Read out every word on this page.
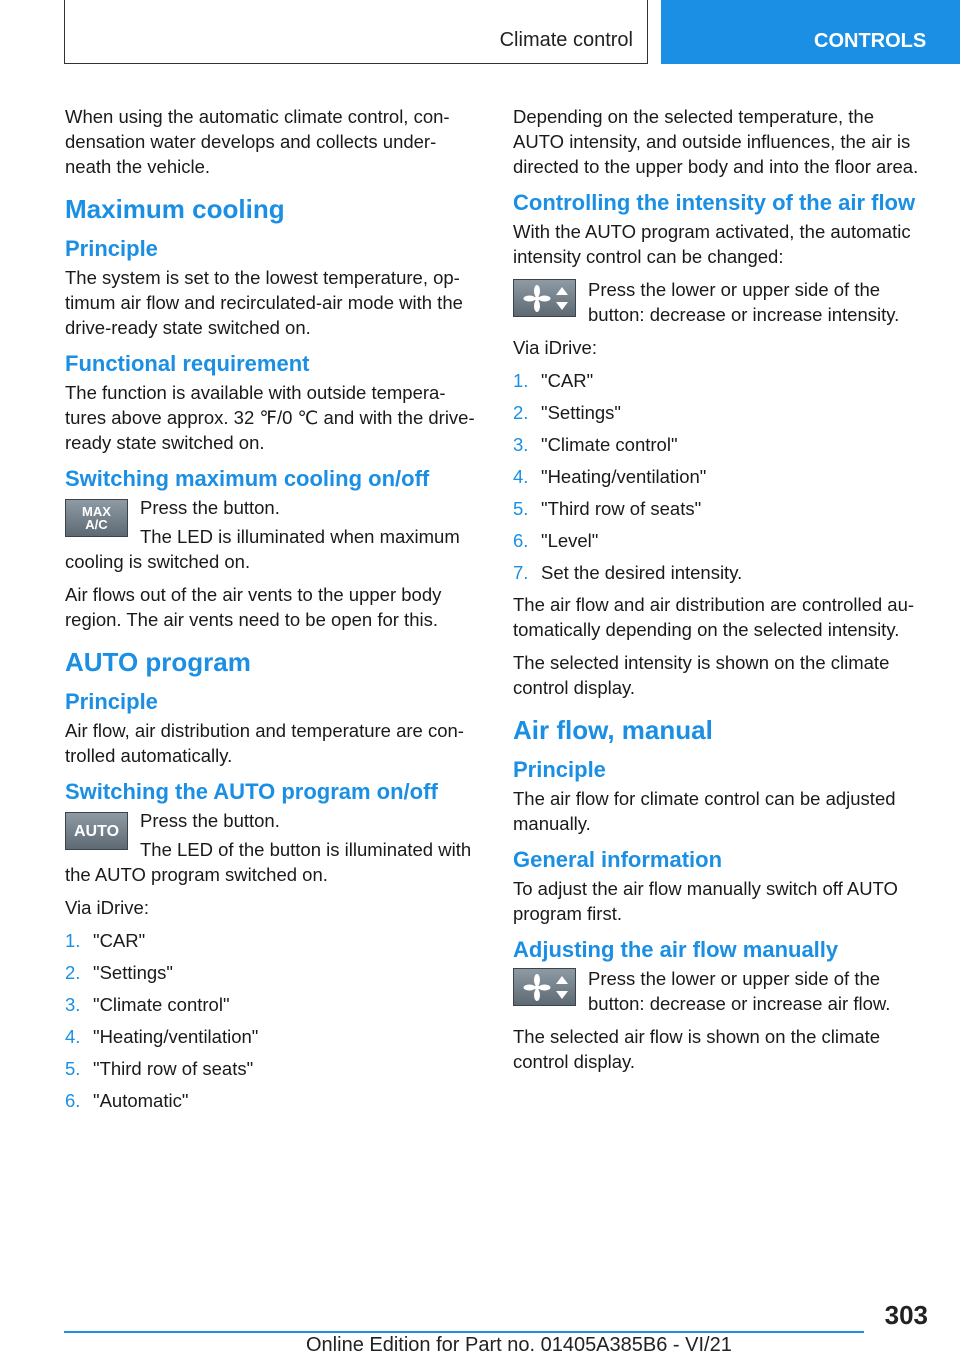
Climate control	CONTROLS

When using the automatic climate control, con-densation water develops and collects under-neath the vehicle.

Maximum cooling
Principle

The system is set to the lowest temperature, op-timum air flow and recirculated-air mode with the drive-ready state switched on.

Functional requirement

The function is available with outside tempera-tures above approx. 32 ℉/0 ℃ and with the drive-ready state switched on.

Switching maximum cooling on/off
MAX A/C

Press the button.

The LED is illuminated when maximum cooling is switched on.

Air flows out of the air vents to the upper body region. The air vents need to be open for this.

AUTO program
Principle

Air flow, air distribution and temperature are con-trolled automatically.

Switching the AUTO program on/off
AUTO	Press the button.

The LED of the button is illuminated with the AUTO program switched on.

Via iDrive:

1. "CAR"
2. "Settings"
3. "Climate control"
4. "Heating/ventilation"
5. "Third row of seats"
6. "Automatic"

Depending on the selected temperature, the AUTO intensity, and outside influences, the air is directed to the upper body and into the floor area.

Controlling the intensity of the air flow

With the AUTO program activated, the automatic intensity control can be changed:

Press the lower or upper side of the button: decrease or increase intensity.

Via iDrive:

1. "CAR"
2. "Settings"
3. "Climate control"
4. "Heating/ventilation"
5. "Third row of seats"
6. "Level"
7. Set the desired intensity.

The air flow and air distribution are controlled au-tomatically depending on the selected intensity.

The selected intensity is shown on the climate control display.

Air flow, manual
Principle

The air flow for climate control can be adjusted manually.

General information

To adjust the air flow manually switch off AUTO program first.

Adjusting the air flow manually

Press the lower or upper side of the button: decrease or increase air flow.

The selected air flow is shown on the climate control display.

303
Online Edition for Part no. 01405A385B6 - VI/21
